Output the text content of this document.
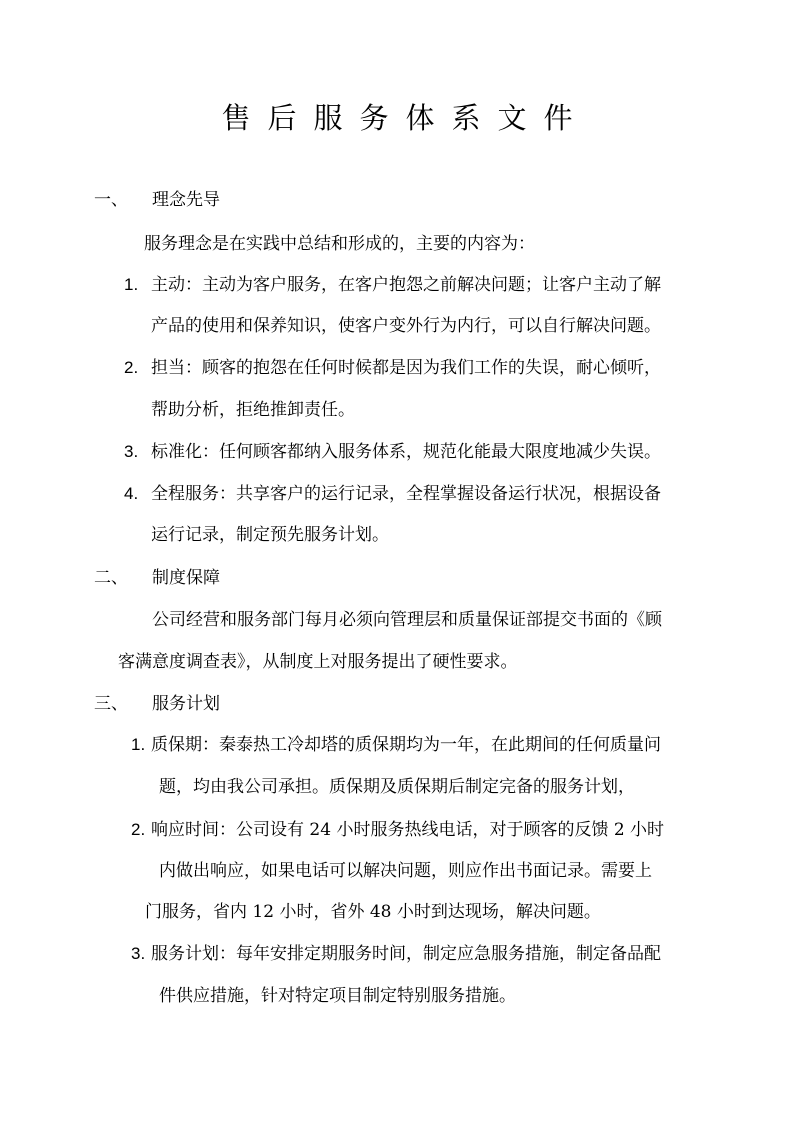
售后服务体系文件
一、 理念先导
服务理念是在实践中总结和形成的，主要的内容为：
1. 主动：主动为客户服务，在客户抱怨之前解决问题；让客户主动了解
产品的使用和保养知识，使客户变外行为内行，可以自行解决问题。
2. 担当：顾客的抱怨在任何时候都是因为我们工作的失误，耐心倾听，
帮助分析，拒绝推卸责任。
3. 标准化：任何顾客都纳入服务体系，规范化能最大限度地减少失误。
4. 全程服务：共享客户的运行记录，全程掌握设备运行状况，根据设备
运行记录，制定预先服务计划。
二、 制度保障
公司经营和服务部门每月必须向管理层和质量保证部提交书面的《顾
客满意度调查表》，从制度上对服务提出了硬性要求。
三、 服务计划
1. 质保期：秦泰热工冷却塔的质保期均为一年，在此期间的任何质量问
题，均由我公司承担。质保期及质保期后制定完备的服务计划，
2. 响应时间：公司设有 24 小时服务热线电话，对于顾客的反馈 2 小时
内做出响应，如果电话可以解决问题，则应作出书面记录。需要上
门服务，省内 12 小时，省外 48 小时到达现场，解决问题。
3. 服务计划：每年安排定期服务时间，制定应急服务措施，制定备品配
件供应措施，针对特定项目制定特别服务措施。
